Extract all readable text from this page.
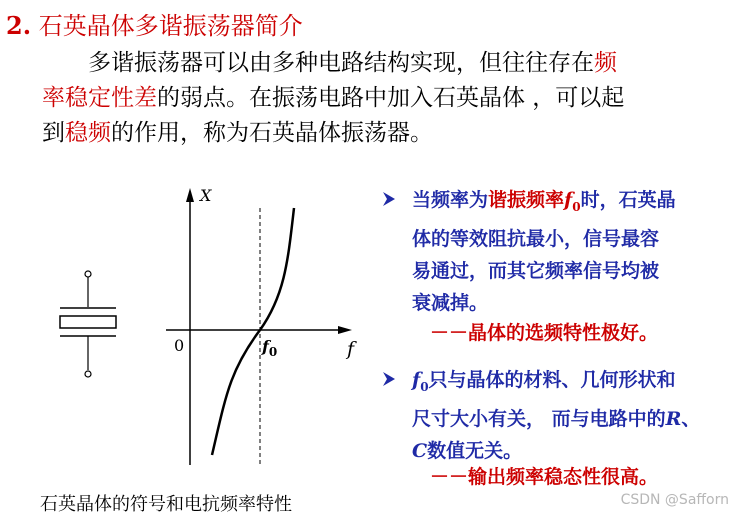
2. 石英晶体多谐振荡器简介
多谐振荡器可以由多种电路结构实现，但往往存在频
率稳定性差的弱点。在振荡电路中加入石英晶体 ，可以起
到稳频的作用，称为石英晶体振荡器。
X
f
0	$f_0$
当频率为谐振频率$f_0$时，石英晶
体的等效阻抗最小，信号最容
易通过，而其它频率信号均被
衰减掉。
－－晶体的选频特性极好。
$f_0$只与晶体的材料、几何形状和
尺寸大小有关， 而与电路中的R、
C数值无关。
－－输出频率稳态性很高。
石英晶体的符号和电抗频率特性	CSDN @Safforn
